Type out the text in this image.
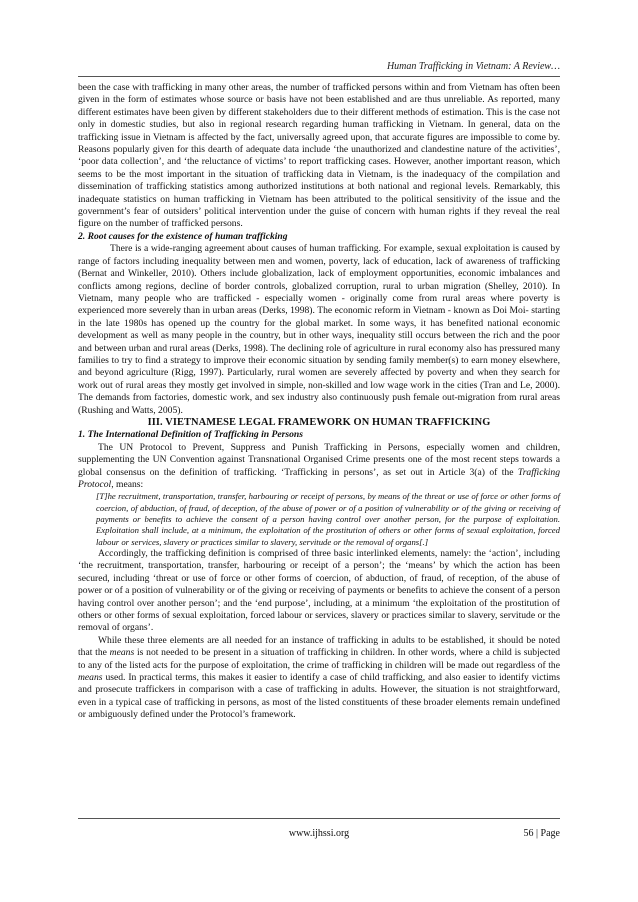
Human Trafficking in Vietnam: A Review…

been the case with trafficking in many other areas, the number of trafficked persons within and from Vietnam has often been given in the form of estimates whose source or basis have not been established and are thus unreliable. As reported, many different estimates have been given by different stakeholders due to their different methods of estimation. This is the case not only in domestic studies, but also in regional research regarding human trafficking in Vietnam. In general, data on the trafficking issue in Vietnam is affected by the fact, universally agreed upon, that accurate figures are impossible to come by. Reasons popularly given for this dearth of adequate data include ‘the unauthorized and clandestine nature of the activities’, ‘poor data collection’, and ‘the reluctance of victims’ to report trafficking cases. However, another important reason, which seems to be the most important in the situation of trafficking data in Vietnam, is the inadequacy of the compilation and dissemination of trafficking statistics among authorized institutions at both national and regional levels. Remarkably, this inadequate statistics on human trafficking in Vietnam has been attributed to the political sensitivity of the issue and the government’s fear of outsiders’ political intervention under the guise of concern with human rights if they reveal the real figure on the number of trafficked persons.

2. Root causes for the existence of human trafficking

There is a wide-ranging agreement about causes of human trafficking. For example, sexual exploitation is caused by range of factors including inequality between men and women, poverty, lack of education, lack of awareness of trafficking (Bernat and Winkeller, 2010). Others include globalization, lack of employment opportunities, economic imbalances and conflicts among regions, decline of border controls, globalized corruption, rural to urban migration (Shelley, 2010). In Vietnam, many people who are trafficked - especially women - originally come from rural areas where poverty is experienced more severely than in urban areas (Derks, 1998). The economic reform in Vietnam - known as Doi Moi- starting in the late 1980s has opened up the country for the global market. In some ways, it has benefited national economic development as well as many people in the country, but in other ways, inequality still occurs between the rich and the poor and between urban and rural areas (Derks, 1998). The declining role of agriculture in rural economy also has pressured many families to try to find a strategy to improve their economic situation by sending family member(s) to earn money elsewhere, and beyond agriculture (Rigg, 1997). Particularly, rural women are severely affected by poverty and when they search for work out of rural areas they mostly get involved in simple, non-skilled and low wage work in the cities (Tran and Le, 2000). The demands from factories, domestic work, and sex industry also continuously push female out-migration from rural areas (Rushing and Watts, 2005).

III. VIETNAMESE LEGAL FRAMEWORK ON HUMAN TRAFFICKING

1. The International Definition of Trafficking in Persons

The UN Protocol to Prevent, Suppress and Punish Trafficking in Persons, especially women and children, supplementing the UN Convention against Transnational Organised Crime presents one of the most recent steps towards a global consensus on the definition of trafficking. ‘Trafficking in persons’, as set out in Article 3(a) of the Trafficking Protocol, means:

[T]he recruitment, transportation, transfer, harbouring or receipt of persons, by means of the threat or use of force or other forms of coercion, of abduction, of fraud, of deception, of the abuse of power or of a position of vulnerability or of the giving or receiving of payments or benefits to achieve the consent of a person having control over another person, for the purpose of exploitation. Exploitation shall include, at a minimum, the exploitation of the prostitution of others or other forms of sexual exploitation, forced labour or services, slavery or practices similar to slavery, servitude or the removal of organs[.]

Accordingly, the trafficking definition is comprised of three basic interlinked elements, namely: the ‘action’, including ‘the recruitment, transportation, transfer, harbouring or receipt of a person’; the ‘means’ by which the action has been secured, including ‘threat or use of force or other forms of coercion, of abduction, of fraud, of reception, of the abuse of power or of a position of vulnerability or of the giving or receiving of payments or benefits to achieve the consent of a person having control over another person’; and the ‘end purpose’, including, at a minimum ‘the exploitation of the prostitution of others or other forms of sexual exploitation, forced labour or services, slavery or practices similar to slavery, servitude or the removal of organs’.

While these three elements are all needed for an instance of trafficking in adults to be established, it should be noted that the means is not needed to be present in a situation of trafficking in children. In other words, where a child is subjected to any of the listed acts for the purpose of exploitation, the crime of trafficking in children will be made out regardless of the means used. In practical terms, this makes it easier to identify a case of child trafficking, and also easier to identify victims and prosecute traffickers in comparison with a case of trafficking in adults. However, the situation is not straightforward, even in a typical case of trafficking in persons, as most of the listed constituents of these broader elements remain undefined or ambiguously defined under the Protocol’s framework.

www.ijhssi.org	56 | Page
